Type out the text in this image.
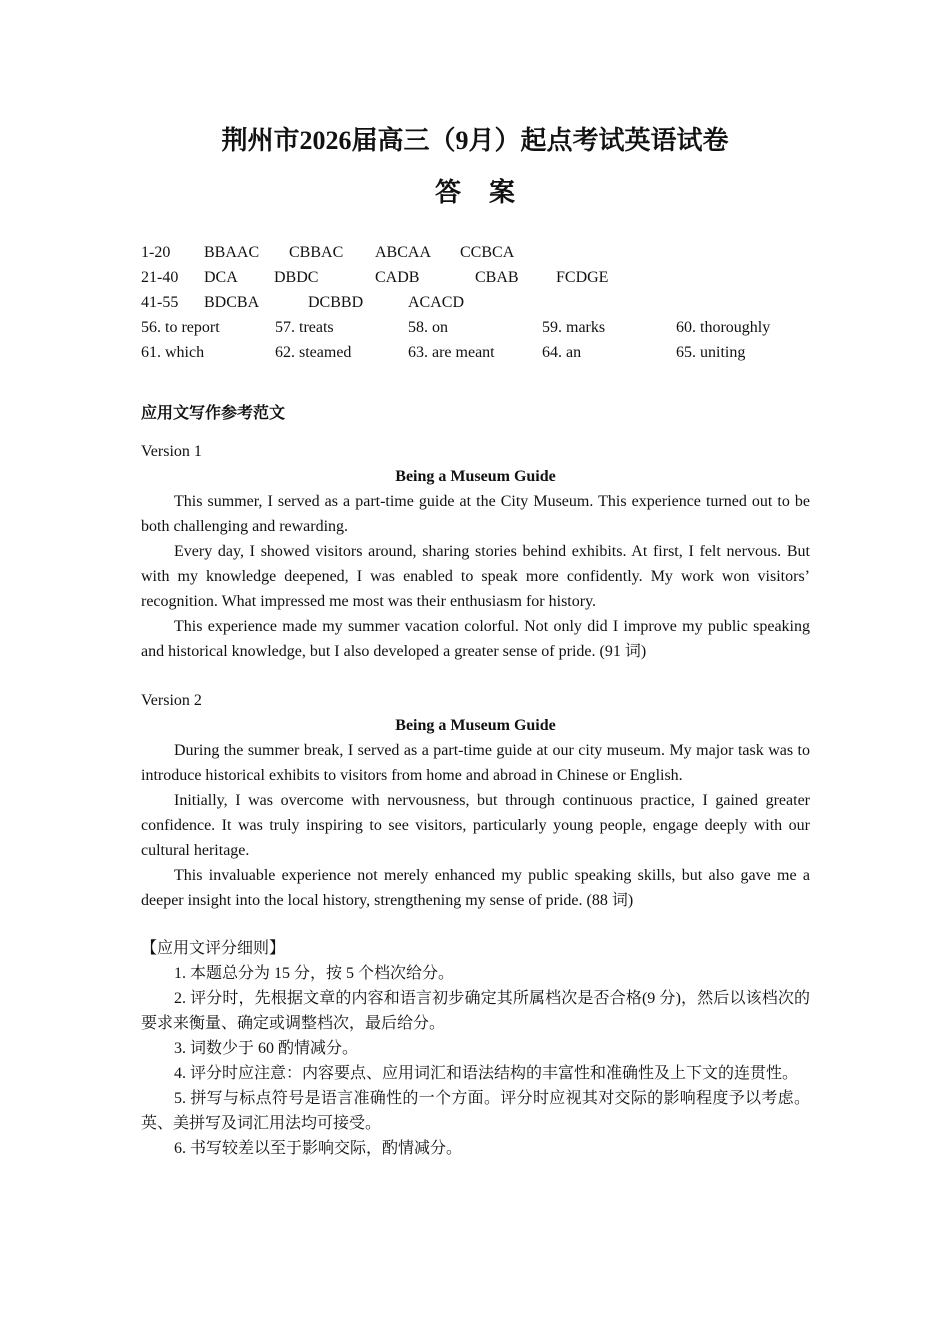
荆州市2026届高三（9月）起点考试英语试卷
答案
1-20 BBAAC CBBAC ABCAA CCBCA
21-40 DCA DBDC	CADB	CBAB FCDGE
41-55 BDCBA	DCBBD	ACACD
56. to report	57. treats	58. on	59. marks	60. thoroughly
61. which	62. steamed	63. are meant	64. an	65. uniting
应用文写作参考范文
Version 1
Being a Museum Guide

This summer, I served as a part-time guide at the City Museum. This experience turned out to be both challenging and rewarding.

Every day, I showed visitors around, sharing stories behind exhibits. At first, I felt nervous. But with my knowledge deepened, I was enabled to speak more confidently. My work won visitors’ recognition. What impressed me most was their enthusiasm for history.

This experience made my summer vacation colorful. Not only did I improve my public speaking and historical knowledge, but I also developed a greater sense of pride. (91 词)

Version 2
Being a Museum Guide

During the summer break, I served as a part-time guide at our city museum. My major task was to introduce historical exhibits to visitors from home and abroad in Chinese or English.

Initially, I was overcome with nervousness, but through continuous practice, I gained greater confidence. It was truly inspiring to see visitors, particularly young people, engage deeply with our cultural heritage.

This invaluable experience not merely enhanced my public speaking skills, but also gave me a deeper insight into the local history, strengthening my sense of pride. (88 词)

【应用文评分细则】

1. 本题总分为 15 分，按 5 个档次给分。

2. 评分时，先根据文章的内容和语言初步确定其所属档次是否合格(9 分)，然后以该档次的要求来衡量、确定或调整档次，最后给分。

3. 词数少于 60 酌情减分。

4. 评分时应注意：内容要点、应用词汇和语法结构的丰富性和准确性及上下文的连贯性。

5. 拼写与标点符号是语言准确性的一个方面。评分时应视其对交际的影响程度予以考虑。 英、美拼写及词汇用法均可接受。

6. 书写较差以至于影响交际，酌情减分。
